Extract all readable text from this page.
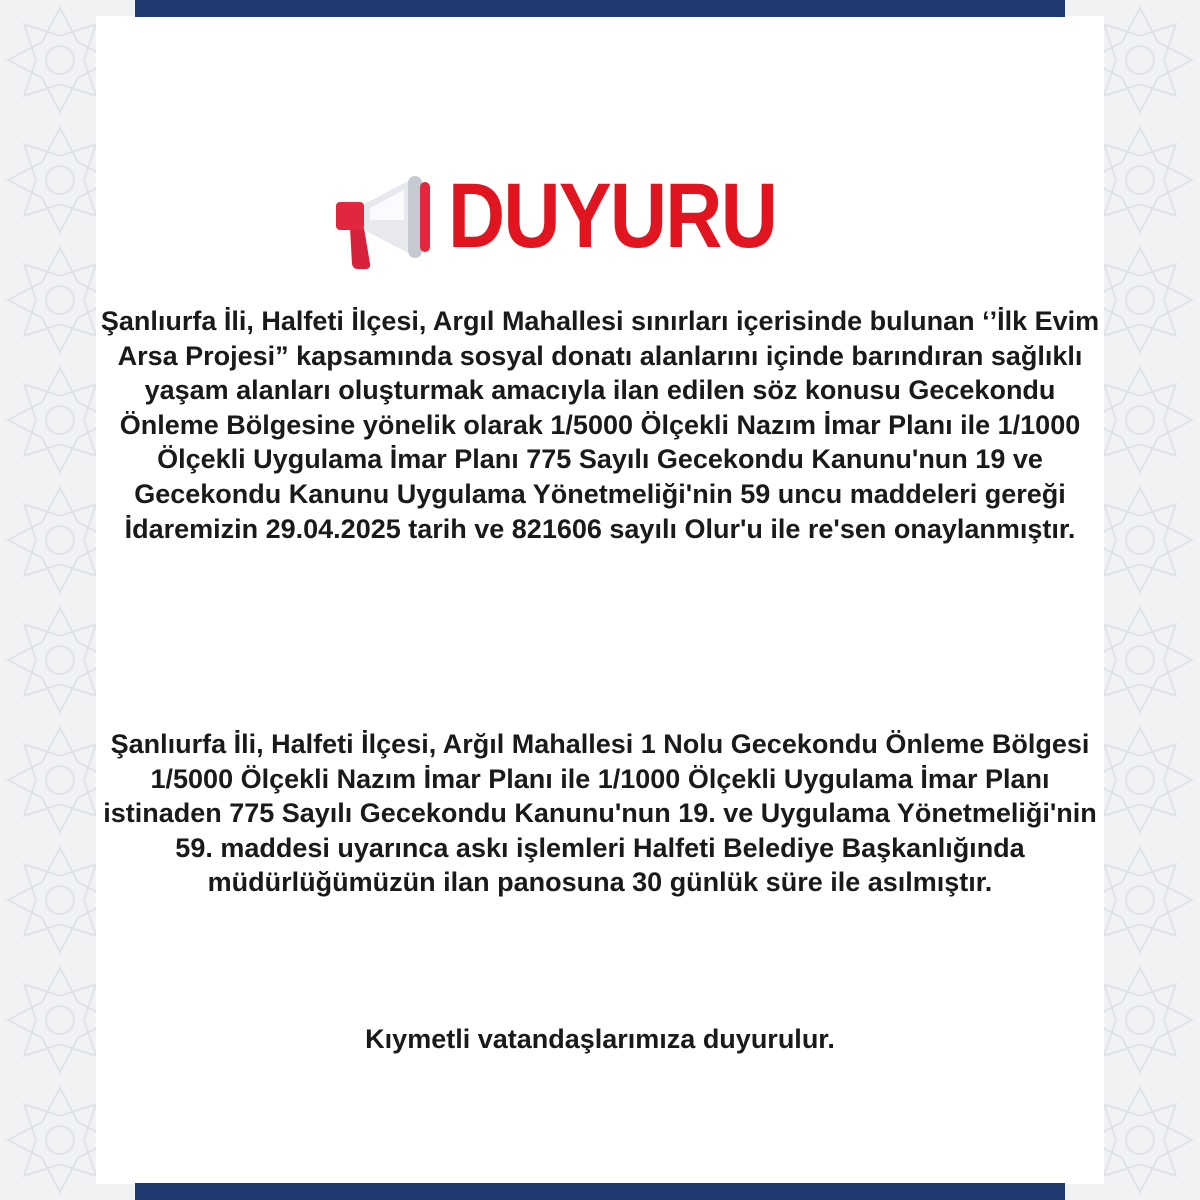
DUYURU
Şanlıurfa İli, Halfeti İlçesi, Argıl Mahallesi sınırları içerisinde bulunan ‘’İlk Evim Arsa Projesi” kapsamında sosyal donatı alanlarını içinde barındıran sağlıklı yaşam alanları oluşturmak amacıyla ilan edilen söz konusu Gecekondu Önleme Bölgesine yönelik olarak 1/5000 Ölçekli Nazım İmar Planı ile 1/1000 Ölçekli Uygulama İmar Planı 775 Sayılı Gecekondu Kanunu'nun 19 ve Gecekondu Kanunu Uygulama Yönetmeliği'nin 59 uncu maddeleri gereği İdaremizin 29.04.2025 tarih ve 821606 sayılı Olur'u ile re'sen onaylanmıştır.
Şanlıurfa İli, Halfeti İlçesi, Arğıl Mahallesi 1 Nolu Gecekondu Önleme Bölgesi 1/5000 Ölçekli Nazım İmar Planı ile 1/1000 Ölçekli Uygulama İmar Planı istinaden 775 Sayılı Gecekondu Kanunu'nun 19. ve Uygulama Yönetmeliği'nin 59. maddesi uyarınca askı işlemleri Halfeti Belediye Başkanlığında müdürlüğümüzün ilan panosuna 30 günlük süre ile asılmıştır.
Kıymetli vatandaşlarımıza duyurulur.
